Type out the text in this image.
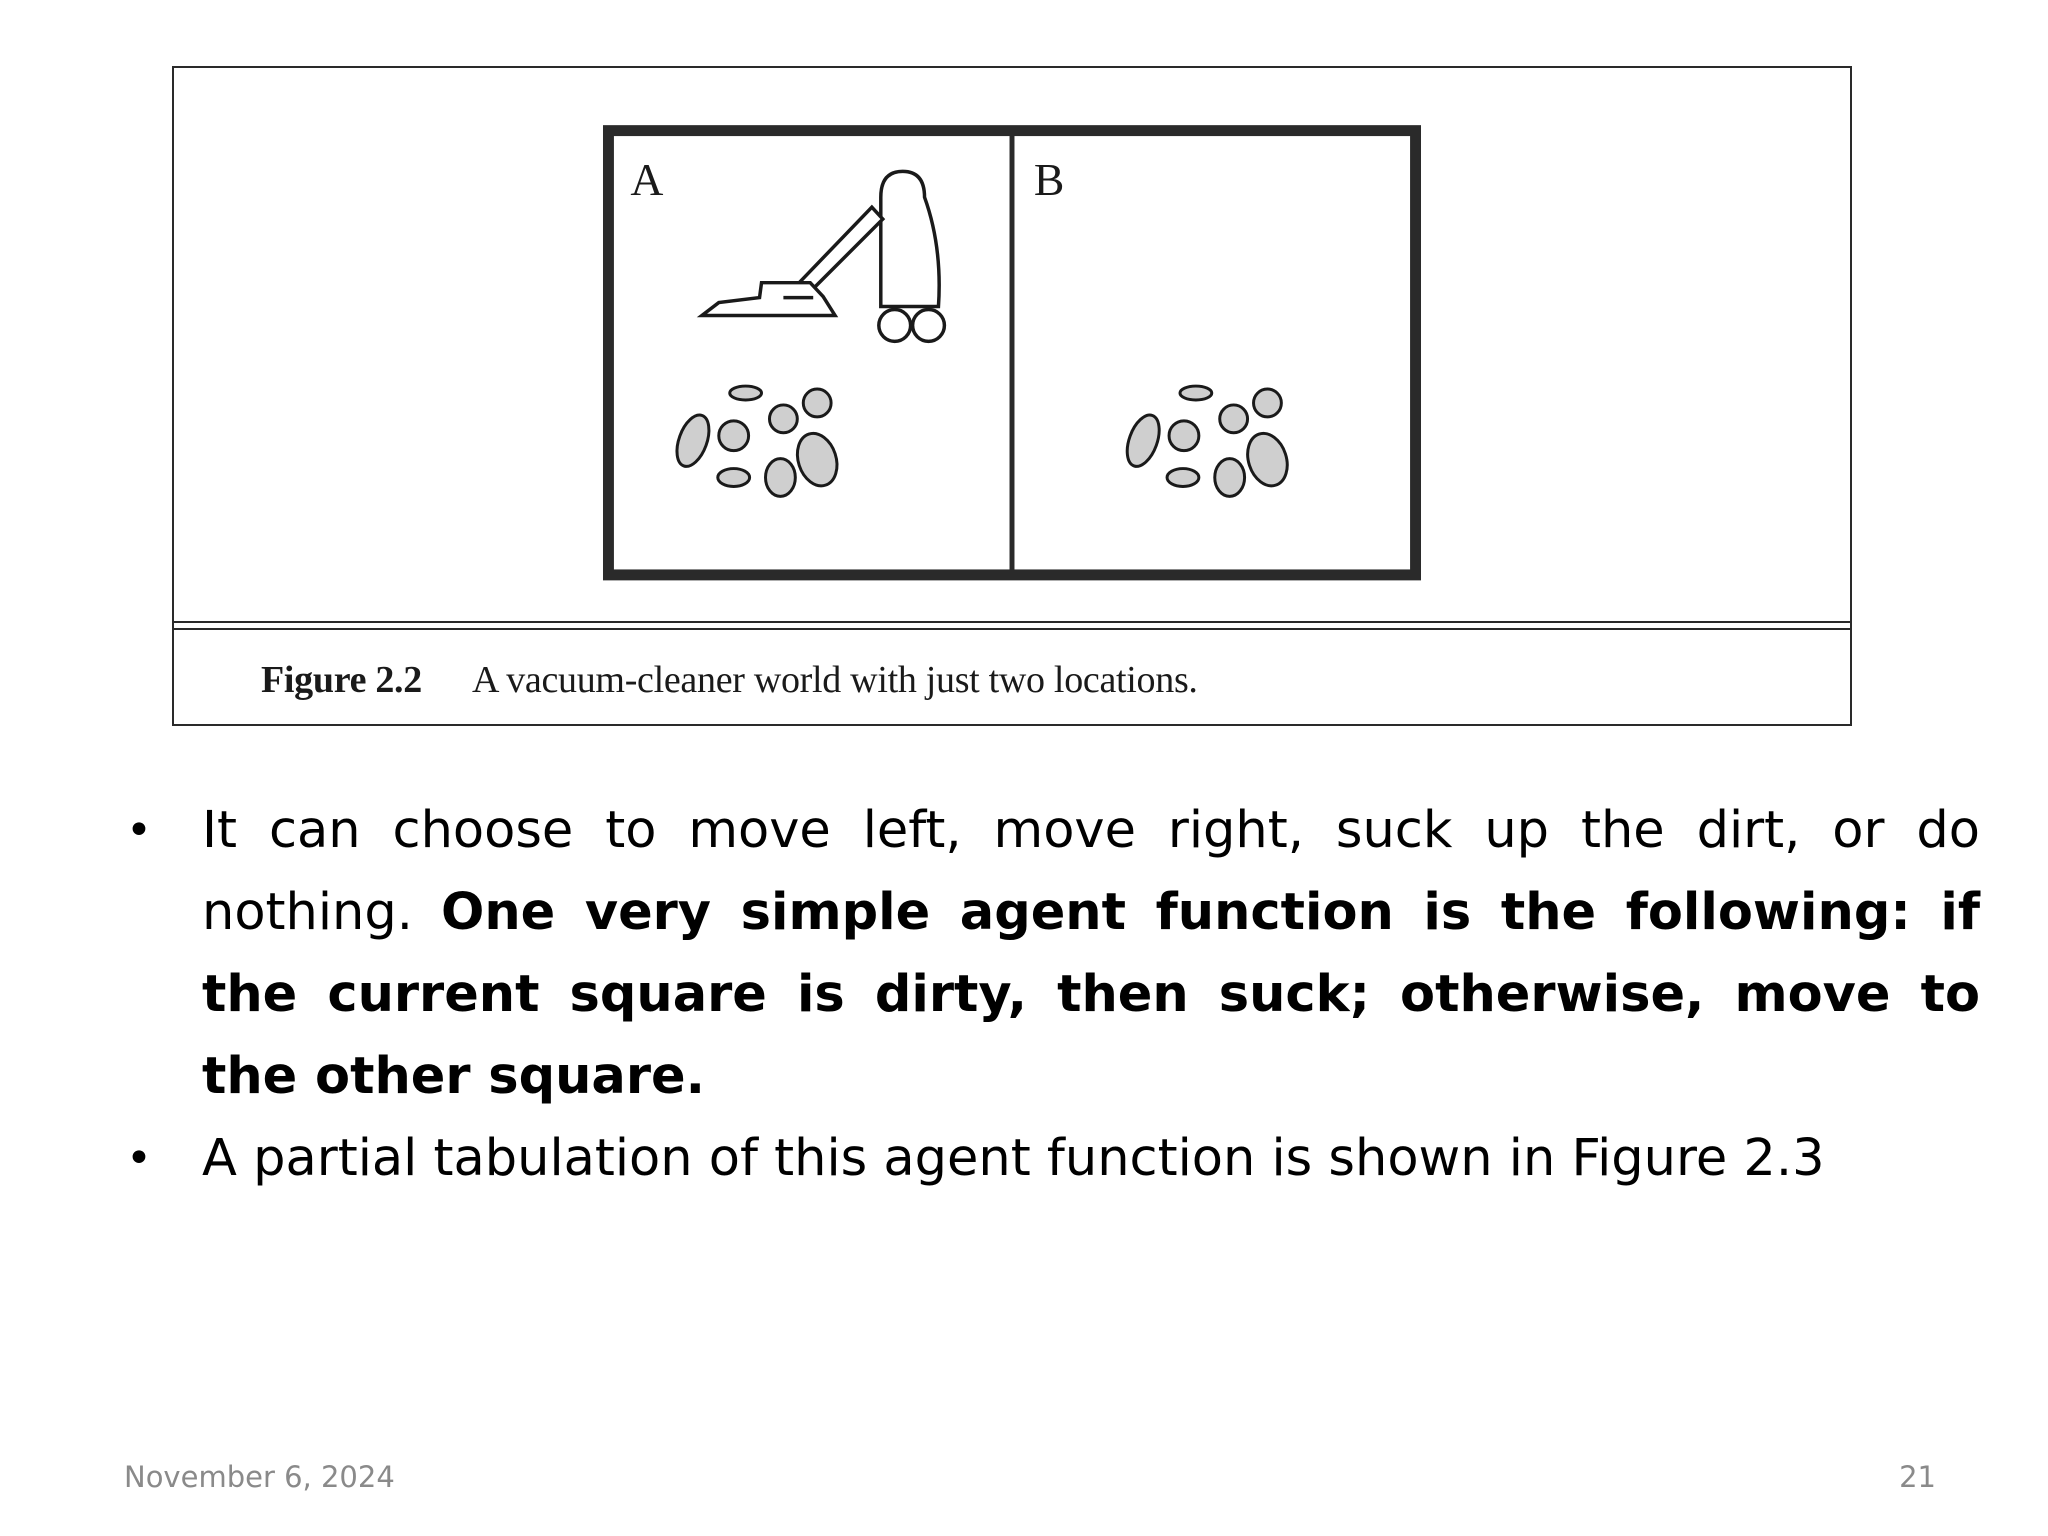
A	B
Figure 2.2 A vacuum-cleaner world with just two locations.
• It can choose to move left, move right, suck up the dirt, or do nothing. One very simple agent function is the following: if the current square is dirty, then suck; otherwise, move to the other square.
• A partial tabulation of this agent function is shown in Figure 2.3
November 6, 2024	21
